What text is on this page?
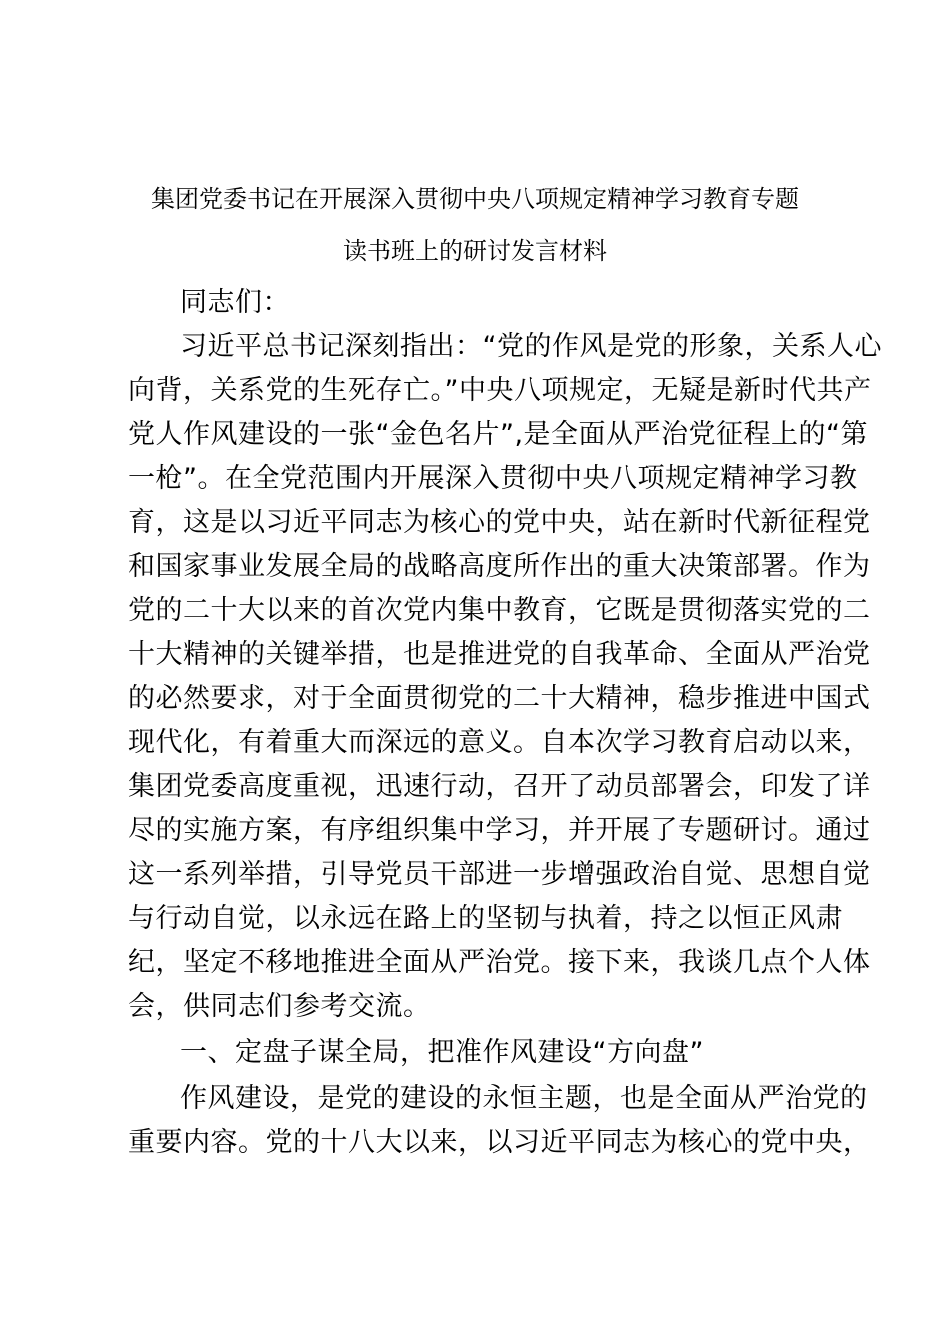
集团党委书记在开展深入贯彻中央八项规定精神学习教育专题
读书班上的研讨发言材料
同志们：
习近平总书记深刻指出：“党的作风是党的形象，关系人心
向背，关系党的生死存亡。”中央八项规定，无疑是新时代共产
党人作风建设的一张“金色名片”,是全面从严治党征程上的“第
一枪”。在全党范围内开展深入贯彻中央八项规定精神学习教
育，这是以习近平同志为核心的党中央，站在新时代新征程党
和国家事业发展全局的战略高度所作出的重大决策部署。作为
党的二十大以来的首次党内集中教育，它既是贯彻落实党的二
十大精神的关键举措，也是推进党的自我革命、全面从严治党
的必然要求，对于全面贯彻党的二十大精神，稳步推进中国式
现代化，有着重大而深远的意义。自本次学习教育启动以来，
集团党委高度重视，迅速行动，召开了动员部署会，印发了详
尽的实施方案，有序组织集中学习，并开展了专题研讨。通过
这一系列举措，引导党员干部进一步增强政治自觉、思想自觉
与行动自觉，以永远在路上的坚韧与执着，持之以恒正风肃
纪，坚定不移地推进全面从严治党。接下来，我谈几点个人体
会，供同志们参考交流。
一、定盘子谋全局，把准作风建设“方向盘”
作风建设，是党的建设的永恒主题，也是全面从严治党的
重要内容。党的十八大以来，以习近平同志为核心的党中央，
